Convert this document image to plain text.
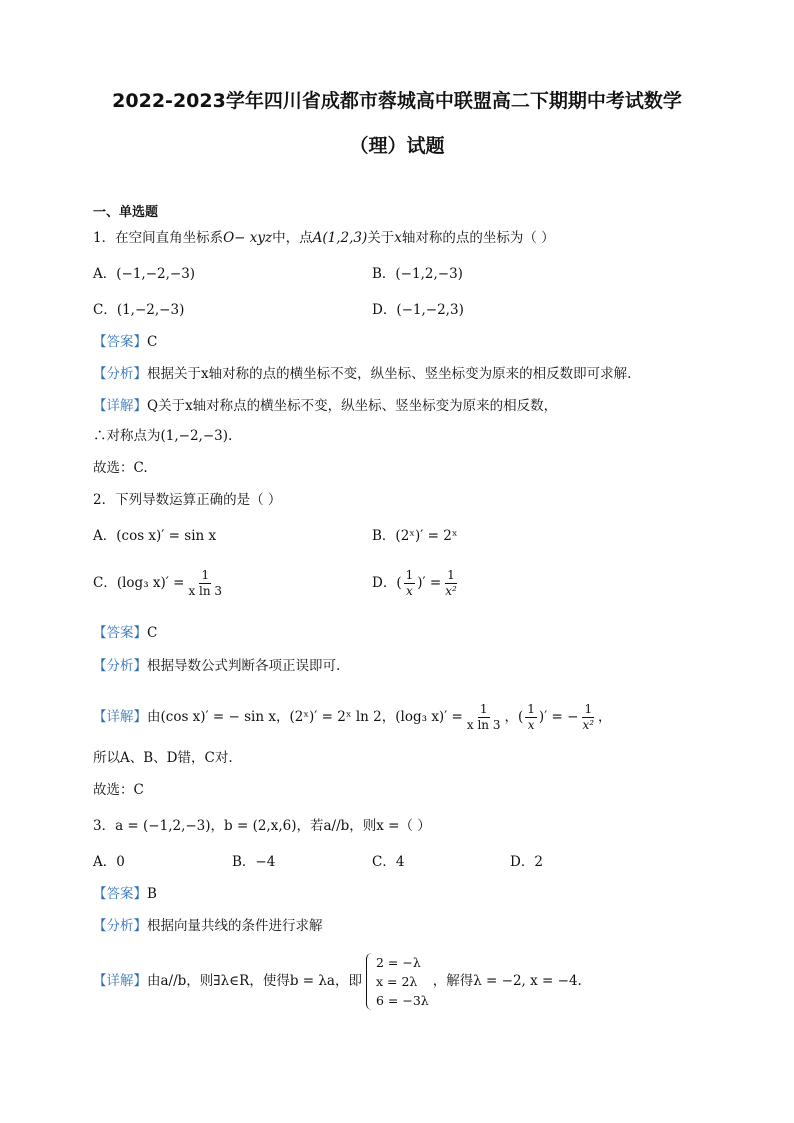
2022-2023学年四川省成都市蓉城高中联盟高二下期期中考试数学
（理）试题
一、单选题
1．在空间直角坐标系O− xyz中，点A(1,2,3)关于x轴对称的点的坐标为（ ）
A．(−1,−2,−3)	B．(−1,2,−3)
C．(1,−2,−3)	D．(−1,−2,3)
【答案】C
【分析】根据关于x轴对称的点的横坐标不变，纵坐标、竖坐标变为原来的相反数即可求解.
【详解】Q关于x轴对称点的横坐标不变，纵坐标、竖坐标变为原来的相反数，
∴对称点为(1,−2,−3).
故选：C.
2．下列导数运算正确的是（ ）
A．(cos x)′ = sin x	B．(2ˣ)′ = 2ˣ
C．(log₃ $x)' = \frac{1}{\text{x ln 3}}$	D．( $\frac{1}{x}$ )′ = $\frac{1}{\text{x²}}$
【答案】C
【分析】根据导数公式判断各项正误即可.
【详解】由(cos x)′ = − sin x，(2ˣ)′ = 2ˣ ln 2，(log₃ $x)' = \frac{1}{\text{x ln 3}}$ ，( $\frac{1}{x}$ )′ = − $\frac{1}{\text{x²}}$ ，
所以A、B、D错，C对.
故选：C
3．a = (−1,2,−3)，b = (2,x,6)，若a//b，则x =（ ）
A．0	B．−4	C．4	D．2
【答案】B
【分析】根据向量共线的条件进行求解
【详解】由a//b，则∃λ∈R，使得b = λa，即
2 = −λ
x = 2λ
6 = −3λ
，解得λ = −2, x = −4.
